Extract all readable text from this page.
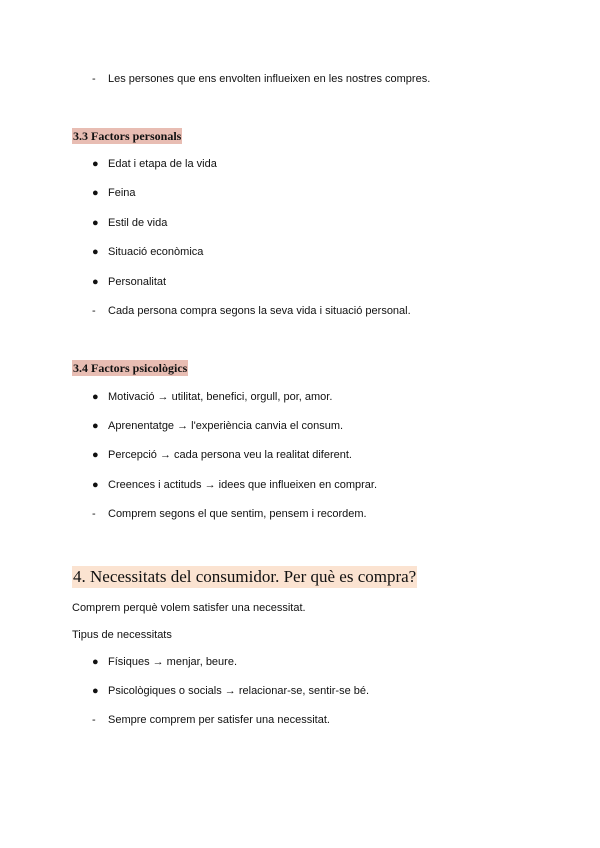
- Les persones que ens envolten influeixen en les nostres compres.
3.3 Factors personals
● Edat i etapa de la vida
● Feina
● Estil de vida
● Situació econòmica
● Personalitat
- Cada persona compra segons la seva vida i situació personal.
3.4 Factors psicològics
● Motivació → utilitat, benefici, orgull, por, amor.
● Aprenentatge → l'experiència canvia el consum.
● Percepció → cada persona veu la realitat diferent.
● Creences i actituds → idees que influeixen en comprar.
- Comprem segons el que sentim, pensem i recordem.
4. Necessitats del consumidor. Per què es compra?
Comprem perquè volem satisfer una necessitat.
Tipus de necessitats
● Físiques → menjar, beure.
● Psicològiques o socials → relacionar-se, sentir-se bé.
- Sempre comprem per satisfer una necessitat.
